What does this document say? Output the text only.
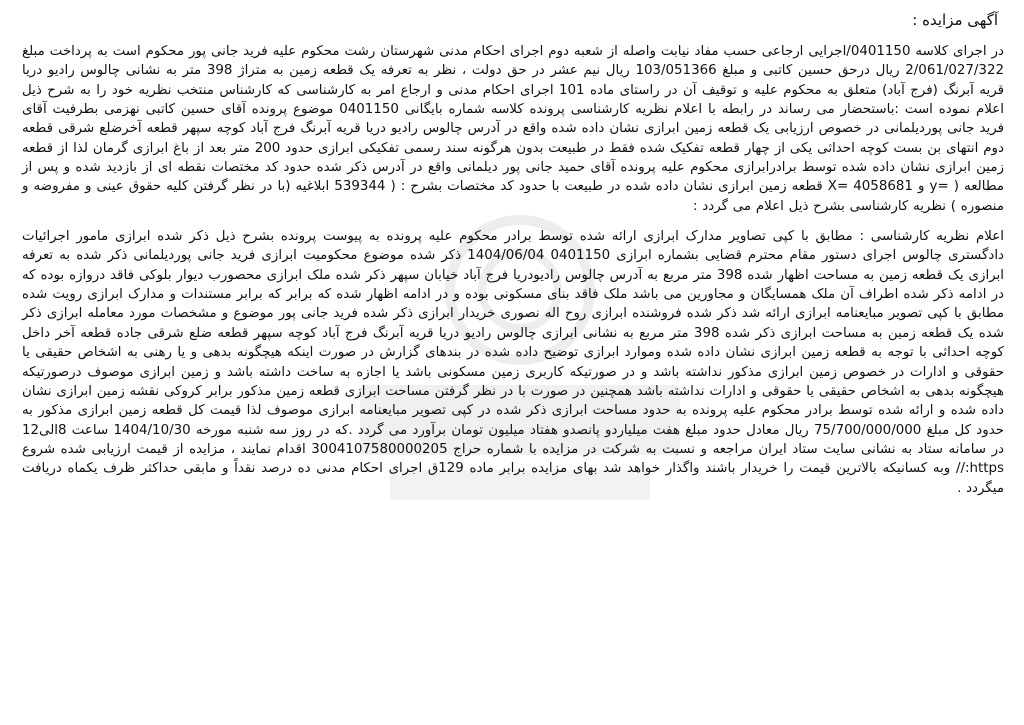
آگهی مزایده :

در اجرای کلاسه 0401150/اجرایی ارجاعی حسب مفاد نیابت واصله از شعبه دوم اجرای احکام مدنی شهرستان رشت محکوم علیه فرید جانی پور محکوم است به پرداخت مبلغ 2/061/027/322 ریال درحق حسین کاتبی و مبلغ 103/051366 ریال نیم عشر در حق دولت ، نظر به تعرفه یک قطعه زمین به متراژ 398 متر به نشانی چالوس رادیو دریا قریه آبرنگ (فرج آباد) متعلق به محکوم علیه و توقیف آن در راستای ماده 101 اجرای احکام مدنی و ارجاع امر به کارشناسی که کارشناس منتخب نظریه خود را به شرح ذیل اعلام نموده است :باستحضار می رساند در رابطه با اعلام نظریه کارشناسی پرونده کلاسه شماره بایگانی 0401150 موضوع پرونده آقای حسین کاتبی نهزمی بطرفیت آقای فرید جانی پوردیلمانی در خصوص ارزیابی یک قطعه زمین ابرازی نشان داده شده واقع در آدرس چالوس رادیو دریا قریه آبرنگ فرج آباد کوچه سپهر قطعه آخرضلع شرقی قطعه دوم انتهای بن بست کوچه احداثی یکی از چهار قطعه تفکیک شده فقط در طبیعت بدون هرگونه سند رسمی تفکیکی ابرازی حدود 200 متر بعد از باغ ابرازی گرمان لذا از قطعه زمین ابرازی نشان داده شده توسط برادرابرازی محکوم علیه پرونده آقای حمید جانی پور دیلمانی واقع در آدرس ذکر شده حدود کد مختصات نقطه ای از بازدید شده و پس از مطالعه ( =y و 4058681 =X قطعه زمین ابرازی نشان داده شده در طبیعت با حدود کد مختصات بشرح : ( 539344 ابلاغیه (با در نظر گرفتن کلیه حقوق عینی و مفروضه و منصوره ) نظریه کارشناسی بشرح ذیل اعلام می گردد :

اعلام نظریه کارشناسی : مطابق با کپی تصاویر مدارک ابرازی ارائه شده توسط برادر محکوم علیه پرونده به پیوست پرونده بشرح ذیل ذکر شده ابرازی مامور اجرائیات دادگستری چالوس اجرای دستور مقام محترم قضایی بشماره ابرازی 0401150 1404/06/04 ذکر شده موضوع محکومیت ابرازی فرید جانی پوردیلمانی ذکر شده به تعرفه ابرازی یک قطعه زمین به مساحت اظهار شده 398 متر مربع به آدرس چالوس رادیودریا فرج آباد خیابان سپهر ذکر شده ملک ابرازی محصورب دیوار بلوکی فاقد دروازه بوده که در ادامه ذکر شده اطراف آن ملک همسایگان و مجاورین می باشد ملک فاقد بنای مسکونی بوده و در ادامه اظهار شده که برابر که برابر مستندات و مدارک ابرازی رویت شده مطابق با کپی تصویر مبایعنامه ابرازی ارائه شد ذکر شده فروشنده ابرازی روح اله نصوری خریدار ابرازی ذکر شده فرید جانی پور موضوع و مشخصات مورد معامله ابرازی ذکر شده یک قطعه زمین به مساحت ابرازی ذکر شده 398 متر مربع به نشانی ابرازی چالوس رادیو دریا قریه آبرنگ فرج آباد کوچه سپهر قطعه ضلع شرقی جاده قطعه آخر داخل کوچه احداثی با توجه به قطعه زمین ابرازی نشان داده شده وموارد ابرازی توضیح داده شده در بندهای گزارش در صورت اینکه هیچگونه بدهی و یا رهنی به اشخاص حقیقی یا حقوقی و ادارات در خصوص زمین ابرازی مذکور نداشته باشد و در صورتیکه کاربری زمین مسکونی باشد یا اجازه به ساخت داشته باشد و زمین ابرازی موصوف درصورتیکه هیچگونه بدهی به اشخاص حقیقی یا حقوقی و ادارات نداشته باشد همچنین در صورت با در نظر گرفتن مساحت ابرازی قطعه زمین مذکور برابر کروکی نقشه زمین ابرازی نشان داده شده و ارائه شده توسط برادر محکوم علیه پرونده به حدود مساحت ابرازی ذکر شده در کپی تصویر مبایعنامه ابرازی موصوف لذا قیمت کل قطعه زمین ابرازی مذکور به حدود کل مبلغ 75/700/000/000 ریال معادل حدود مبلغ هفت میلیاردو پانصدو هفتاد میلیون تومان برآورد می گردد .که در روز سه شنبه مورخه 1404/10/30 ساعت 8الی12 در سامانه ستاد به نشانی سایت ستاد ایران مراجعه و نسبت به شرکت در مزایده با شماره حراج 3004107580000205 اقدام نمایند ، مزایده از قیمت ارزیابی شده شروع https:// وبه کسانیکه بالاترین قیمت را خریدار باشند واگذار خواهد شد بهای مزایده برابر ماده 129ق اجرای احکام مدنی ده درصد نقداً و مابقی حداکثر ظرف یکماه دریافت میگردد .
